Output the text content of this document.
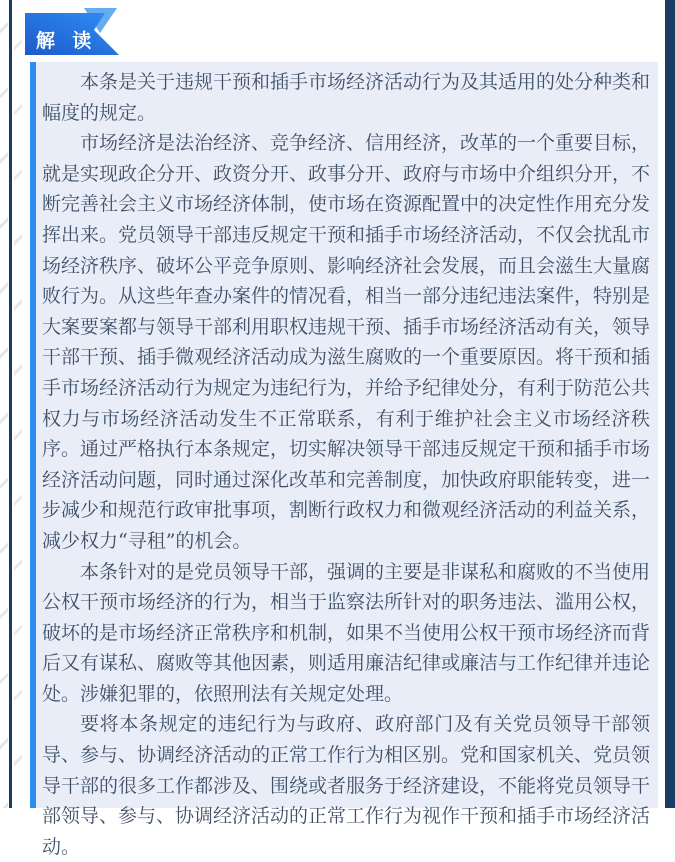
本条是关于违规干预和插手市场经济活动行为及其适用的处分种类和幅度的规定。

市场经济是法治经济、竞争经济、信用经济，改革的一个重要目标，就是实现政企分开、政资分开、政事分开、政府与市场中介组织分开，不断完善社会主义市场经济体制，使市场在资源配置中的决定性作用充分发挥出来。党员领导干部违反规定干预和插手市场经济活动，不仅会扰乱市场经济秩序、破坏公平竞争原则、影响经济社会发展，而且会滋生大量腐败行为。从这些年查办案件的情况看，相当一部分违纪违法案件，特别是大案要案都与领导干部利用职权违规干预、插手市场经济活动有关，领导干部干预、插手微观经济活动成为滋生腐败的一个重要原因。将干预和插手市场经济活动行为规定为违纪行为，并给予纪律处分，有利于防范公共权力与市场经济活动发生不正常联系，有利于维护社会主义市场经济秩序。通过严格执行本条规定，切实解决领导干部违反规定干预和插手市场经济活动问题，同时通过深化改革和完善制度，加快政府职能转变，进一步减少和规范行政审批事项，割断行政权力和微观经济活动的利益关系，减少权力“寻租”的机会。

本条针对的是党员领导干部，强调的主要是非谋私和腐败的不当使用公权干预市场经济的行为，相当于监察法所针对的职务违法、滥用公权，破坏的是市场经济正常秩序和机制，如果不当使用公权干预市场经济而背后又有谋私、腐败等其他因素，则适用廉洁纪律或廉洁与工作纪律并违论处。涉嫌犯罪的，依照刑法有关规定处理。

要将本条规定的违纪行为与政府、政府部门及有关党员领导干部领导、参与、协调经济活动的正常工作行为相区别。党和国家机关、党员领导干部的很多工作都涉及、围绕或者服务于经济建设，不能将党员领导干部领导、参与、协调经济活动的正常工作行为视作干预和插手市场经济活动。

解 读
